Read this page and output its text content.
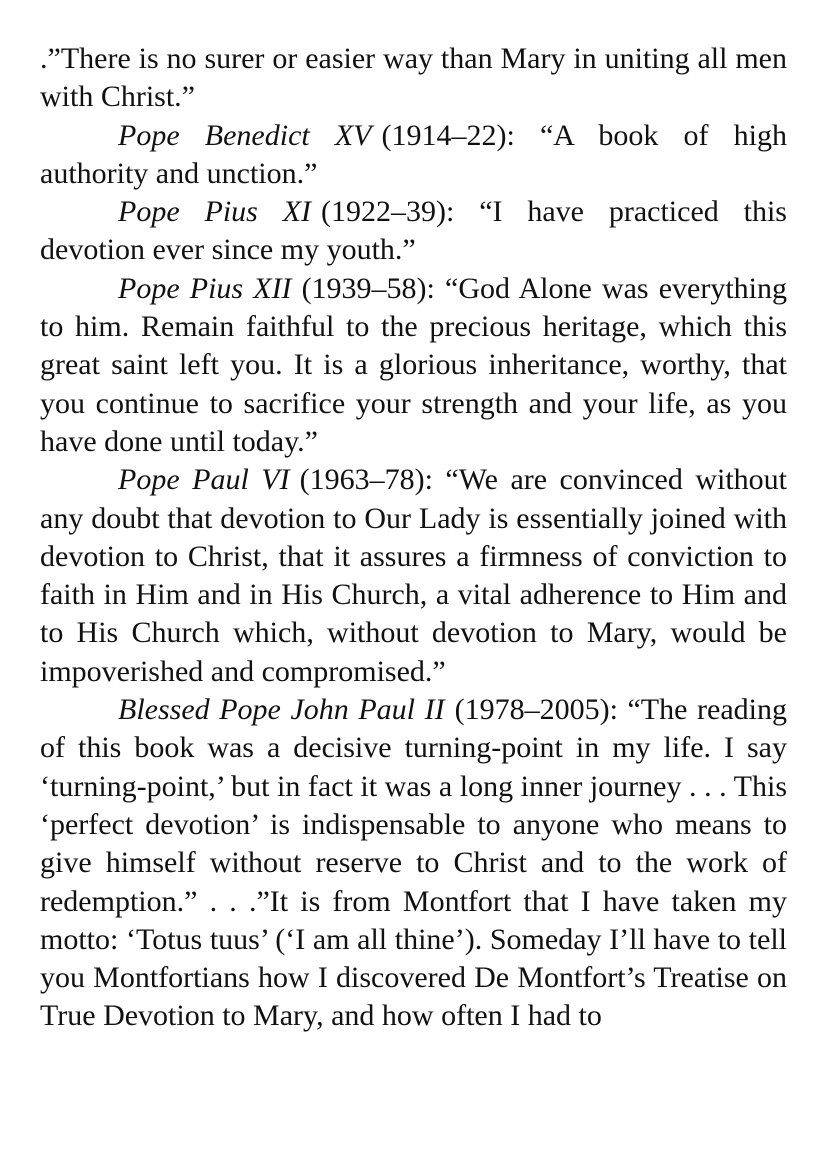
.”There is no surer or easier way than Mary in uniting all men with Christ.”

Pope Benedict XV (1914–22): “A book of high authority and unction.”

Pope Pius XI (1922–39): “I have practiced this devotion ever since my youth.”

Pope Pius XII (1939–58): “God Alone was everything to him. Remain faithful to the precious heritage, which this great saint left you. It is a glorious inheritance, worthy, that you continue to sacrifice your strength and your life, as you have done until today.”

Pope Paul VI (1963–78): “We are convinced without any doubt that devotion to Our Lady is essentially joined with devotion to Christ, that it assures a firmness of conviction to faith in Him and in His Church, a vital adherence to Him and to His Church which, without devotion to Mary, would be impoverished and compromised.”

Blessed Pope John Paul II (1978–2005): “The reading of this book was a decisive turning-point in my life. I say ‘turning-point,’ but in fact it was a long inner journey . . . This ‘perfect devotion’ is indispensable to anyone who means to give himself without reserve to Christ and to the work of redemption.” . . .”It is from Montfort that I have taken my motto: ‘Totus tuus’ (‘I am all thine’). Someday I’ll have to tell you Montfortians how I discovered De Montfort’s Treatise on True Devotion to Mary, and how often I had to
